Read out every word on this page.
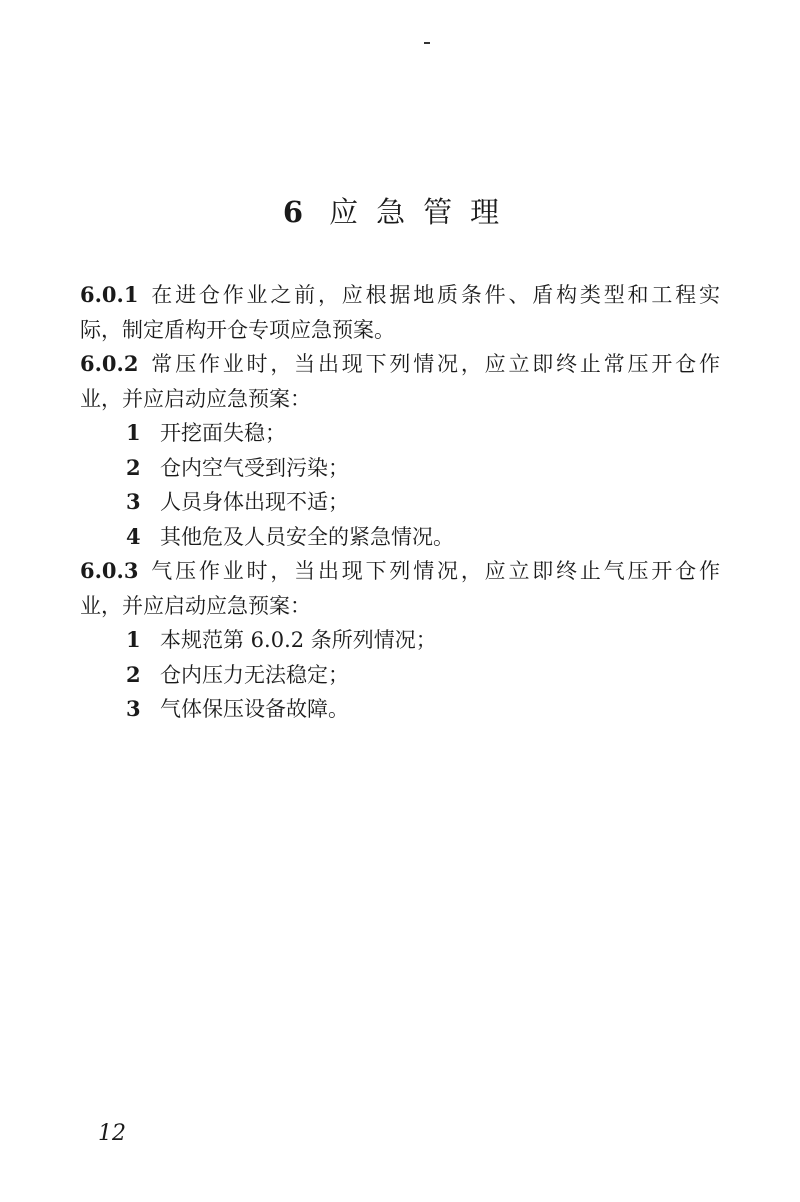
6 应急管理
6.0.1 在进仓作业之前，应根据地质条件、盾构类型和工程实
际，制定盾构开仓专项应急预案。
6.0.2 常压作业时，当出现下列情况，应立即终止常压开仓作
业，并应启动应急预案：
1 开挖面失稳；
2 仓内空气受到污染；
3 人员身体出现不适；
4 其他危及人员安全的紧急情况。
6.0.3 气压作业时，当出现下列情况，应立即终止气压开仓作
业，并应启动应急预案：
1 本规范第 6.0.2 条所列情况；
2 仓内压力无法稳定；
3 气体保压设备故障。
12
